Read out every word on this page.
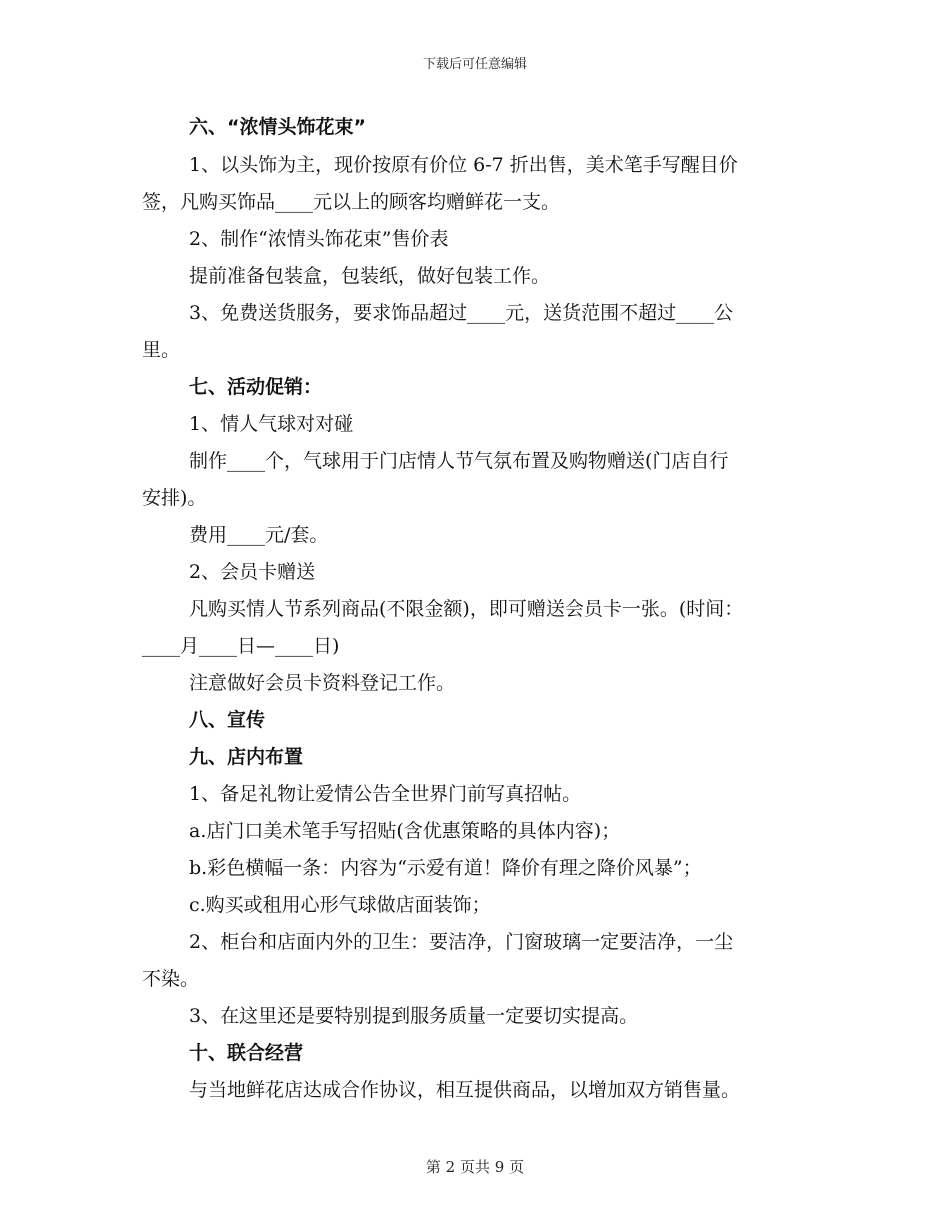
下载后可任意编辑
六、“浓情头饰花束”
1、以头饰为主，现价按原有价位 6-7 折出售，美术笔手写醒目价
签，凡购买饰品____元以上的顾客均赠鲜花一支。
2、制作“浓情头饰花束”售价表
提前准备包装盒，包装纸，做好包装工作。
3、免费送货服务，要求饰品超过____元，送货范围不超过____公
里。
七、活动促销：
1、情人气球对对碰
制作____个，气球用于门店情人节气氛布置及购物赠送(门店自行
安排)。
费用____元/套。
2、会员卡赠送
凡购买情人节系列商品(不限金额)，即可赠送会员卡一张。(时间：
____月____日—____日)
注意做好会员卡资料登记工作。
八、宣传
九、店内布置
1、备足礼物让爱情公告全世界门前写真招帖。
a.店门口美术笔手写招贴(含优惠策略的具体内容)；
b.彩色横幅一条：内容为“示爱有道！降价有理之降价风暴”；
c.购买或租用心形气球做店面装饰；
2、柜台和店面内外的卫生：要洁净，门窗玻璃一定要洁净，一尘
不染。
3、在这里还是要特别提到服务质量一定要切实提高。
十、联合经营
与当地鲜花店达成合作协议，相互提供商品，以增加双方销售量。
第 2 页共 9 页
